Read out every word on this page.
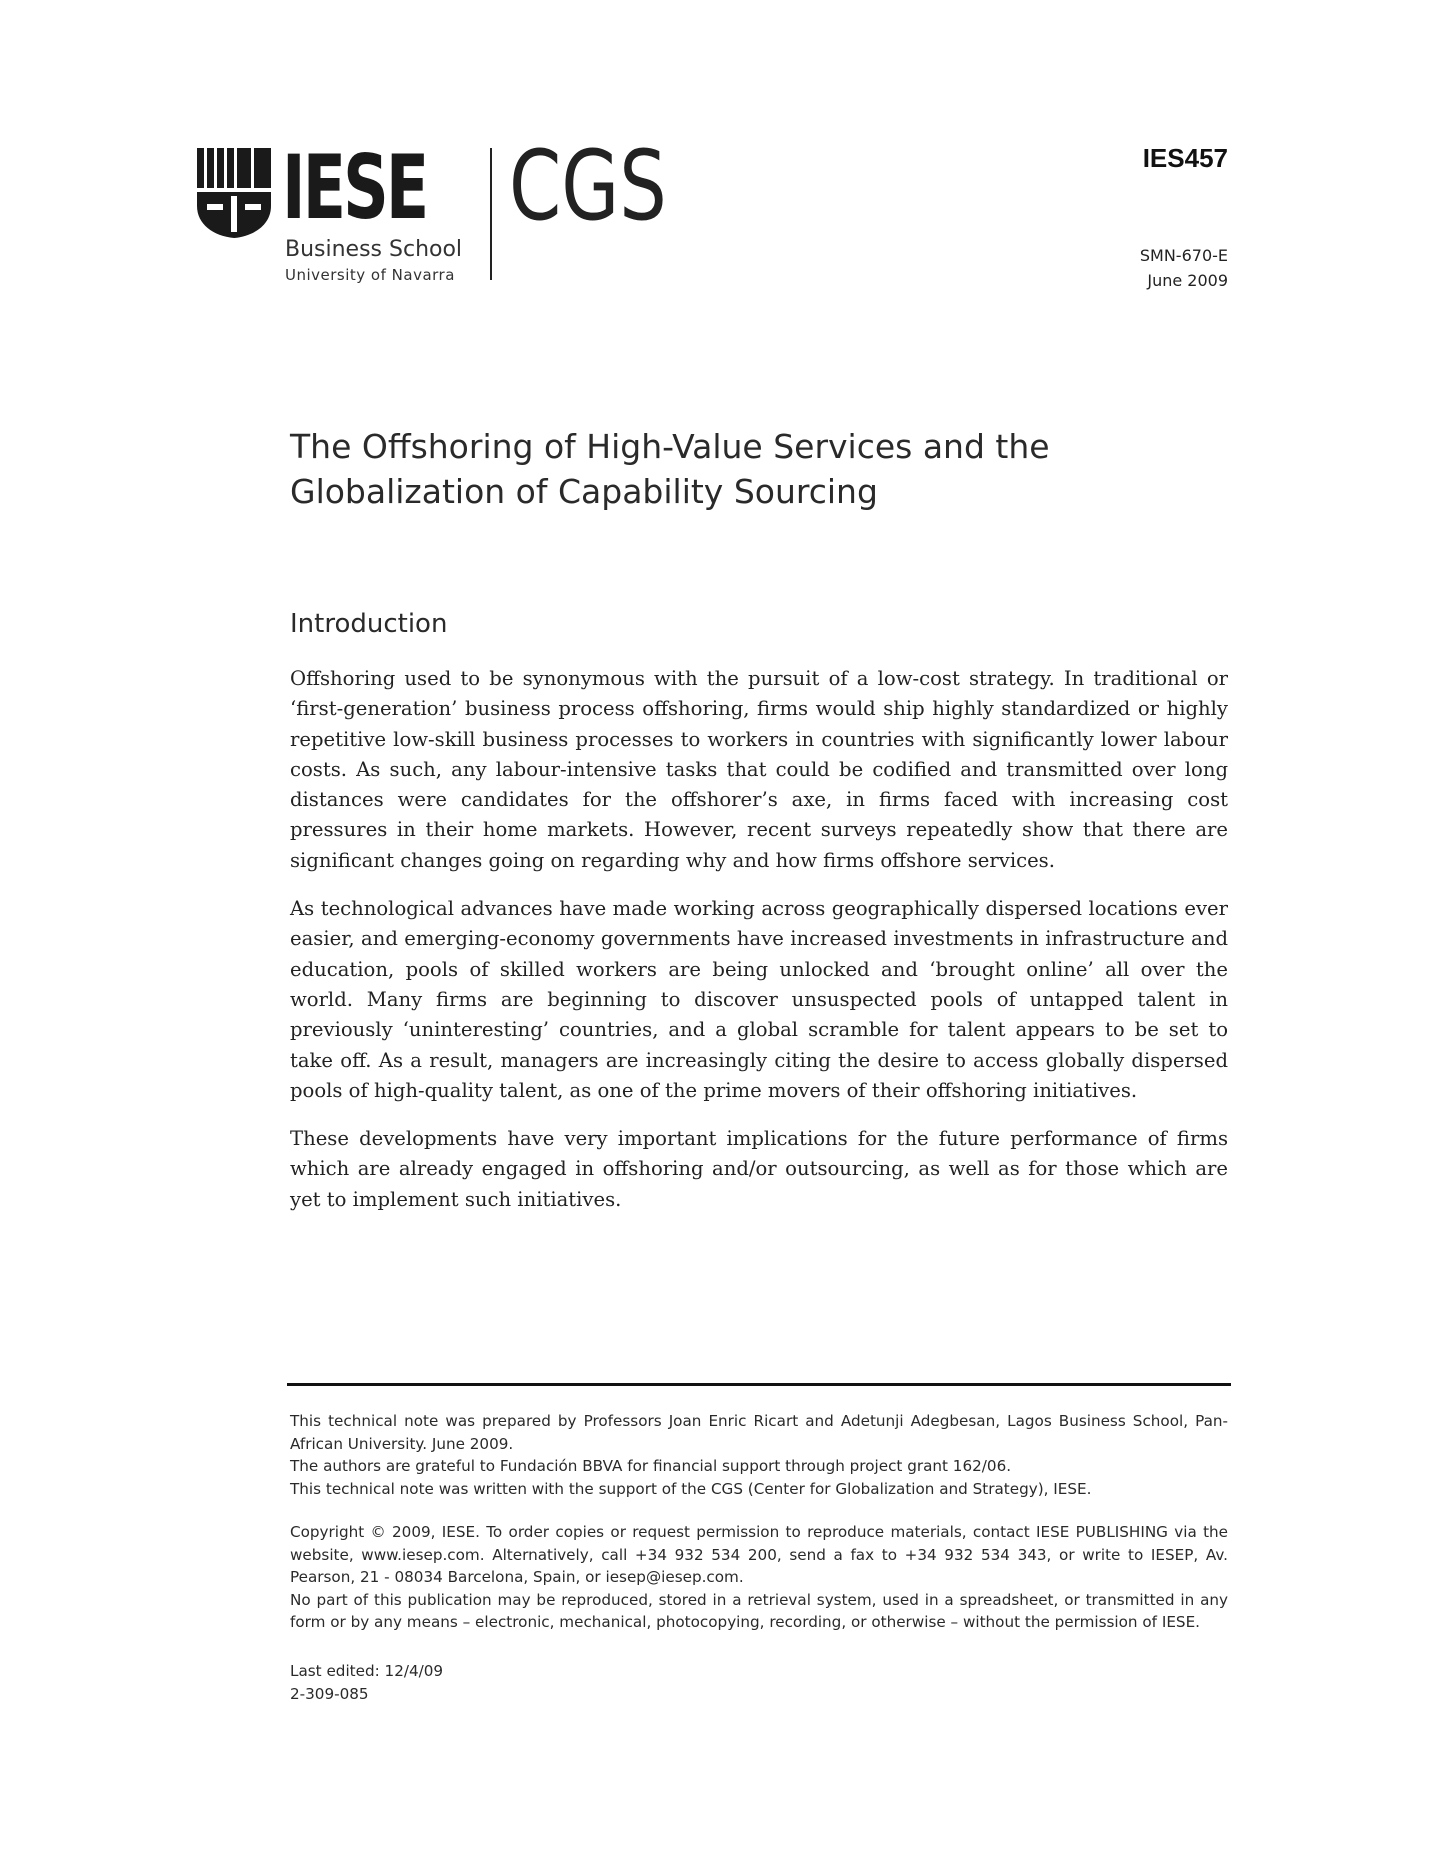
IESE
Business School
University of Navarra
CGS	IES457
SMN-670-E
June 2009
The Offshoring of High-Value Services and the Globalization of Capability Sourcing
Introduction

Offshoring used to be synonymous with the pursuit of a low-cost strategy. In traditional or ‘first-generation’ business process offshoring, firms would ship highly standardized or highly repetitive low-skill business processes to workers in countries with significantly lower labour costs. As such, any labour-intensive tasks that could be codified and transmitted over long distances were candidates for the offshorer’s axe, in firms faced with increasing cost pressures in their home markets. However, recent surveys repeatedly show that there are significant changes going on regarding why and how firms offshore services.

As technological advances have made working across geographically dispersed locations ever easier, and emerging-economy governments have increased investments in infrastructure and education, pools of skilled workers are being unlocked and ‘brought online’ all over the world. Many firms are beginning to discover unsuspected pools of untapped talent in previously ‘uninteresting’ countries, and a global scramble for talent appears to be set to take off. As a result, managers are increasingly citing the desire to access globally dispersed pools of high-quality talent, as one of the prime movers of their offshoring initiatives.

These developments have very important implications for the future performance of firms which are already engaged in offshoring and/or outsourcing, as well as for those which are yet to implement such initiatives.

This technical note was prepared by Professors Joan Enric Ricart and Adetunji Adegbesan, Lagos Business School, Pan-African University. June 2009.

The authors are grateful to Fundación BBVA for financial support through project grant 162/06.

This technical note was written with the support of the CGS (Center for Globalization and Strategy), IESE.

Copyright © 2009, IESE. To order copies or request permission to reproduce materials, contact IESE PUBLISHING via the website, www.iesep.com. Alternatively, call +34 932 534 200, send a fax to +34 932 534 343, or write to IESEP, Av. Pearson, 21 - 08034 Barcelona, Spain, or iesep@iesep.com.

No part of this publication may be reproduced, stored in a retrieval system, used in a spreadsheet, or transmitted in any form or by any means – electronic, mechanical, photocopying, recording, or otherwise – without the permission of IESE.

Last edited: 12/4/09

2-309-085
